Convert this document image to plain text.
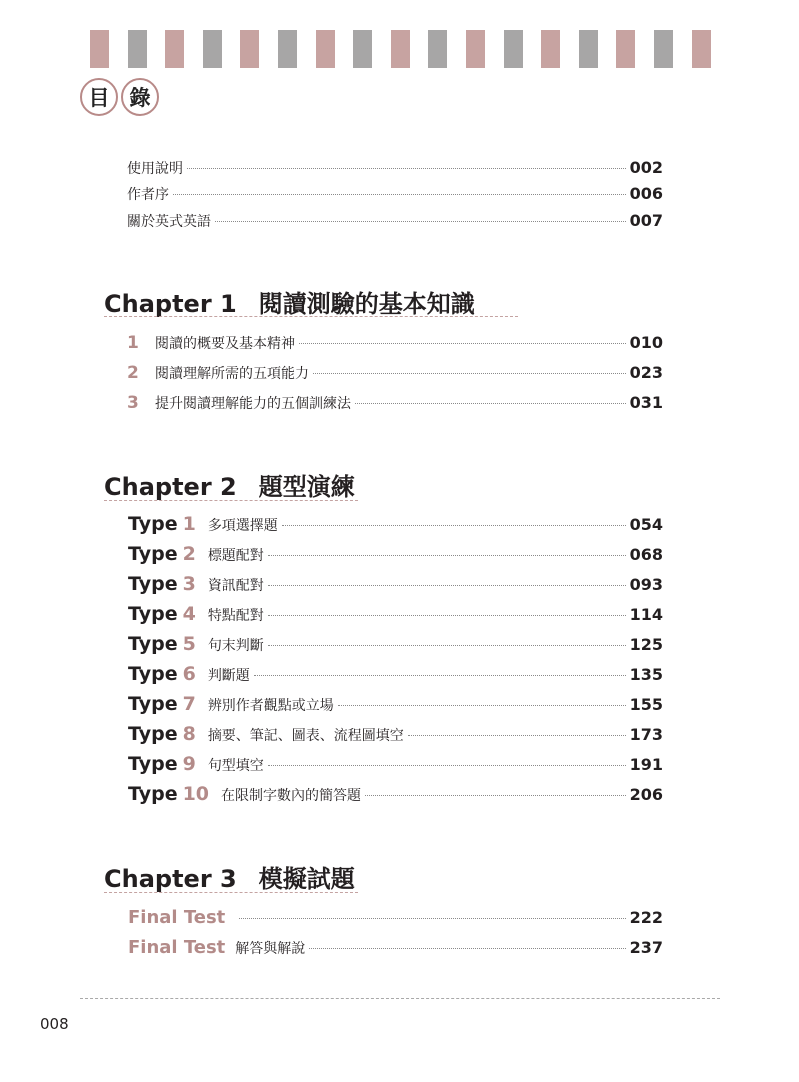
目 錄
使用說明	002
作者序	006
關於英式英語	007
Chapter 1 閱讀測驗的基本知識
1	閱讀的概要及基本精神	010
2	閱讀理解所需的五項能力	023
3	提升閱讀理解能力的五個訓練法	031
Chapter 2 題型演練
Type 1 多項選擇題	054
Type 2 標題配對	068
Type 3 資訊配對	093
Type 4 特點配對	114
Type 5 句末判斷	125
Type 6 判斷題	135
Type 7 辨別作者觀點或立場	155
Type 8 摘要、筆記、圖表、流程圖填空	173
Type 9 句型填空	191
Type 10 在限制字數內的簡答題	206
Chapter 3 模擬試題
Final Test	222
Final Test 解答與解說	237
008
